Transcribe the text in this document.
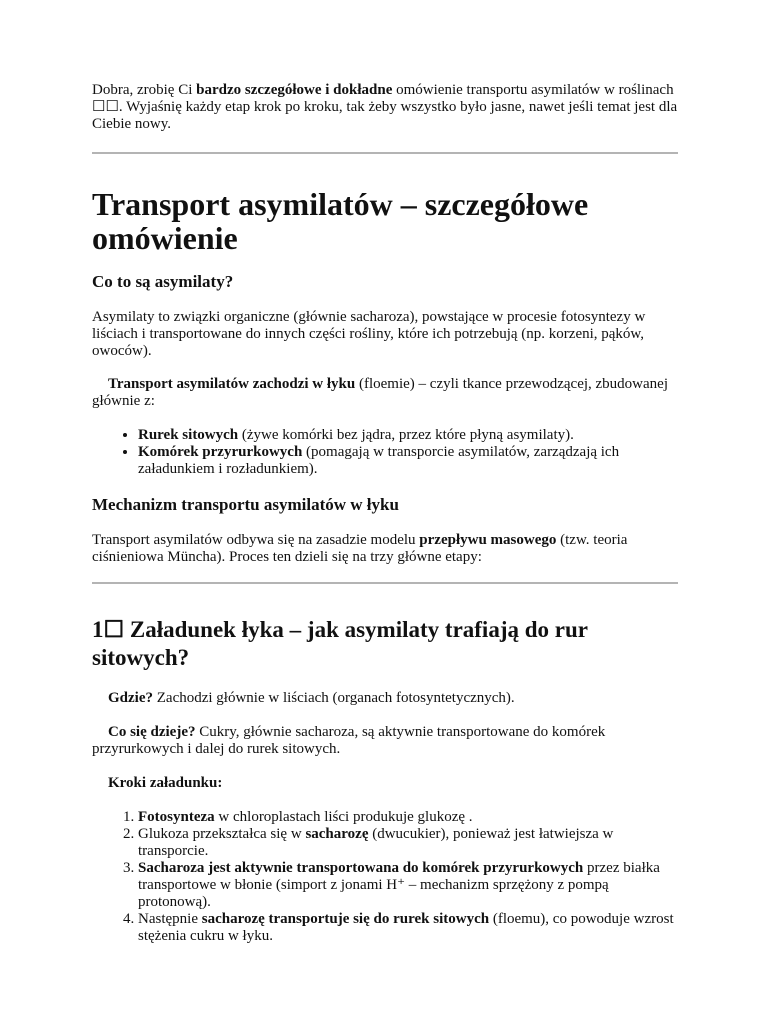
Dobra, zrobię Ci bardzo szczegółowe i dokładne omówienie transportu asymilatów w roślinach ☐☐. Wyjaśnię każdy etap krok po kroku, tak żeby wszystko było jasne, nawet jeśli temat jest dla Ciebie nowy.

Transport asymilatów – szczegółowe omówienie
Co to są asymilaty?

Asymilaty to związki organiczne (głównie sacharoza), powstające w procesie fotosyntezy w liściach i transportowane do innych części rośliny, które ich potrzebują (np. korzeni, pąków, owoców).

Transport asymilatów zachodzi w łyku (floemie) – czyli tkance przewodzącej, zbudowanej głównie z:

• Rurek sitowych (żywe komórki bez jądra, przez które płyną asymilaty).
• Komórek przyrurkowych (pomagają w transporcie asymilatów, zarządzają ich załadunkiem i rozładunkiem).
Mechanizm transportu asymilatów w łyku

Transport asymilatów odbywa się na zasadzie modelu przepływu masowego (tzw. teoria ciśnieniowa Müncha). Proces ten dzieli się na trzy główne etapy:

1☐ Załadunek łyka – jak asymilaty trafiają do rur sitowych?

Gdzie? Zachodzi głównie w liściach (organach fotosyntetycznych).

Co się dzieje? Cukry, głównie sacharoza, są aktywnie transportowane do komórek przyrurkowych i dalej do rurek sitowych.

Kroki załadunku:

1. Fotosynteza w chloroplastach liści produkuje glukozę .
2. Glukoza przekształca się w sacharozę (dwucukier), ponieważ jest łatwiejsza w transporcie.
3. Sacharoza jest aktywnie transportowana do komórek przyrurkowych przez białka transportowe w błonie (simport z jonami H⁺ – mechanizm sprzężony z pompą protonową).
4. Następnie sacharozę transportuje się do rurek sitowych (floemu), co powoduje wzrost stężenia cukru w łyku.
